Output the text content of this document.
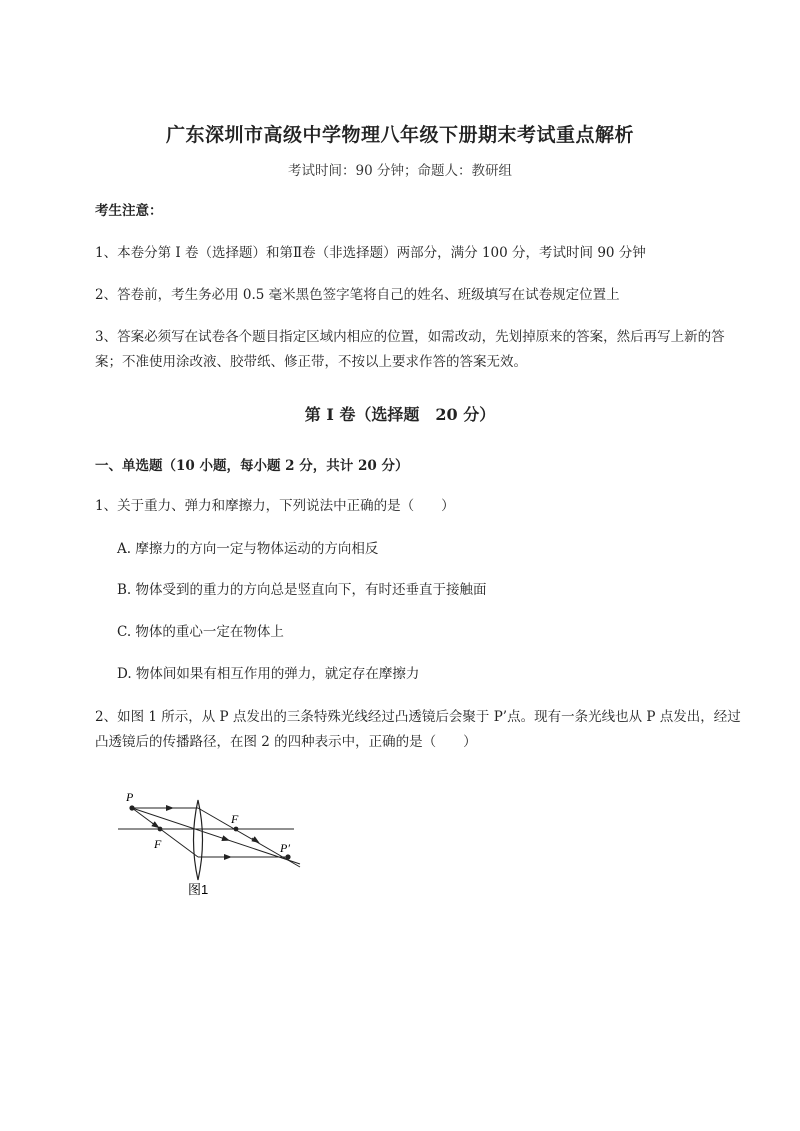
广东深圳市高级中学物理八年级下册期末考试重点解析
考试时间：90 分钟；命题人：教研组
考生注意：
1、本卷分第 I 卷（选择题）和第Ⅱ卷（非选择题）两部分，满分 100 分，考试时间 90 分钟
2、答卷前，考生务必用 0.5 毫米黑色签字笔将自己的姓名、班级填写在试卷规定位置上
3、答案必须写在试卷各个题目指定区域内相应的位置，如需改动，先划掉原来的答案，然后再写上新的答案；不准使用涂改液、胶带纸、修正带，不按以上要求作答的答案无效。
第 I 卷（选择题　20 分）
一、单选题（10 小题，每小题 2 分，共计 20 分）
1、关于重力、弹力和摩擦力，下列说法中正确的是（　　）
A. 摩擦力的方向一定与物体运动的方向相反
B. 物体受到的重力的方向总是竖直向下，有时还垂直于接触面
C. 物体的重心一定在物体上
D. 物体间如果有相互作用的弹力，就定存在摩擦力
2、如图 1 所示，从 P 点发出的三条特殊光线经过凸透镜后会聚于 P’点。现有一条光线也从 P 点发出，经过凸透镜后的传播路径，在图 2 的四种表示中，正确的是（　　）
P
F
F	P′
图1
